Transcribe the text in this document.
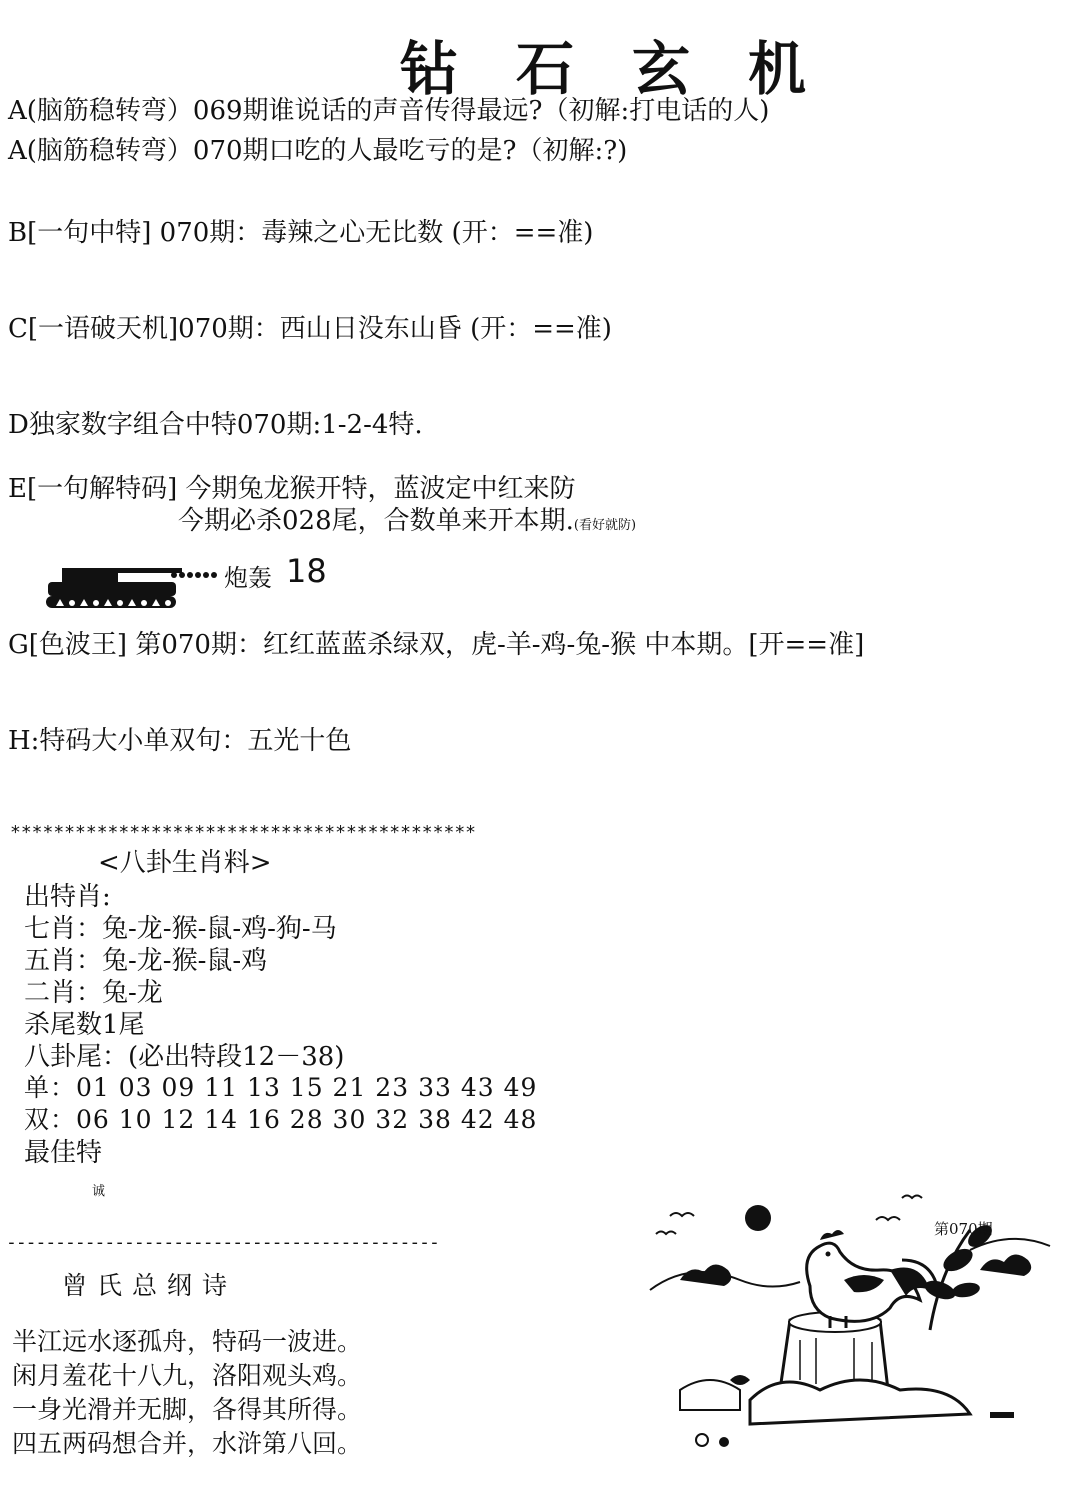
钻石玄机
A(脑筋稳转弯）069期谁说话的声音传得最远?（初解:打电话的人)
A(脑筋稳转弯）070期口吃的人最吃亏的是?（初解:?)
B[一句中特] 070期：毒辣之心无比数 (开：==准)
C[一语破天机]070期：西山日没东山昏 (开：==准)
D独家数字组合中特070期:1-2-4特.
E[一句解特码] 今期兔龙猴开特，蓝波定中红来防
今期必杀028尾，合数单来开本期.(看好就防)
炮轰 18
G[色波王] 第070期：红红蓝蓝杀绿双，虎-羊-鸡-兔-猴 中本期。[开==准]
H:特码大小单双句：五光十色
*******************************************
<八卦生肖料>
出特肖:
七肖：兔-龙-猴-鼠-鸡-狗-马
五肖：兔-龙-猴-鼠-鸡
二肖：兔-龙
杀尾数1尾
八卦尾：(必出特段12－38)
单：01 03 09 11 13 15 21 23 33 43 49
双：06 10 12 14 16 28 30 32 38 42 48
最佳特
诚
--------------------------------------------
曾氏总纲诗
半江远水逐孤舟，特码一波进。
闲月羞花十八九，洛阳观头鸡。
一身光滑并无脚，各得其所得。
四五两码想合并，水浒第八回。
第070期
